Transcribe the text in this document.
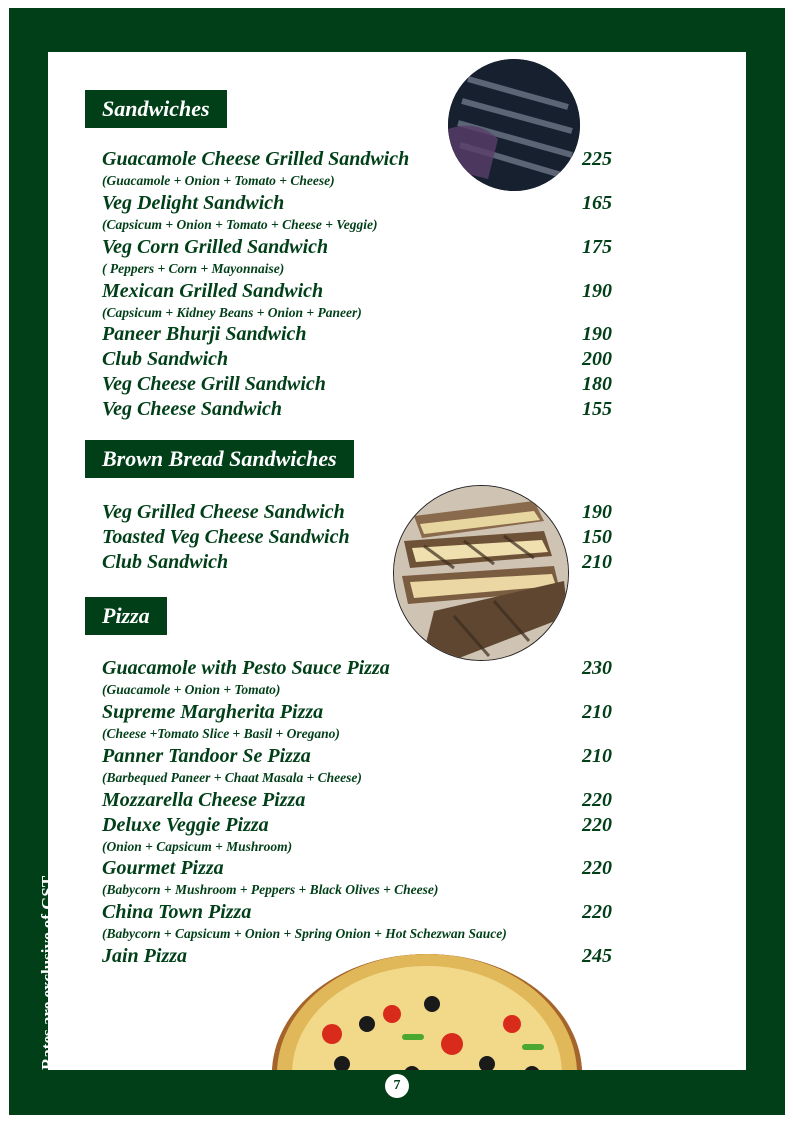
Sandwiches
Guacamole Cheese Grilled Sandwich	225
(Guacamole + Onion + Tomato + Cheese)
Veg Delight Sandwich	165
(Capsicum + Onion + Tomato + Cheese + Veggie)
Veg Corn Grilled Sandwich	175
( Peppers + Corn + Mayonnaise)
Mexican Grilled Sandwich	190
(Capsicum + Kidney Beans + Onion + Paneer)
Paneer Bhurji Sandwich	190
Club Sandwich	200
Veg Cheese Grill Sandwich	180
Veg Cheese Sandwich	155
Brown Bread Sandwiches
Veg Grilled Cheese Sandwich	190
Toasted Veg Cheese Sandwich	150
Club Sandwich	210
Pizza
Guacamole with Pesto Sauce Pizza	230
(Guacamole + Onion + Tomato)
Supreme Margherita Pizza	210
(Cheese +Tomato Slice + Basil + Oregano)
Panner Tandoor Se Pizza	210
(Barbequed Paneer + Chaat Masala + Cheese)
Mozzarella Cheese Pizza	220
Deluxe Veggie Pizza	220
(Onion + Capsicum + Mushroom)
Gourmet Pizza	220
(Babycorn + Mushroom + Peppers + Black Olives + Cheese)
China Town Pizza	220
(Babycorn + Capsicum + Onion + Spring Onion + Hot Schezwan Sauce)
Jain Pizza	245
Rates are exclusive of GST
7
